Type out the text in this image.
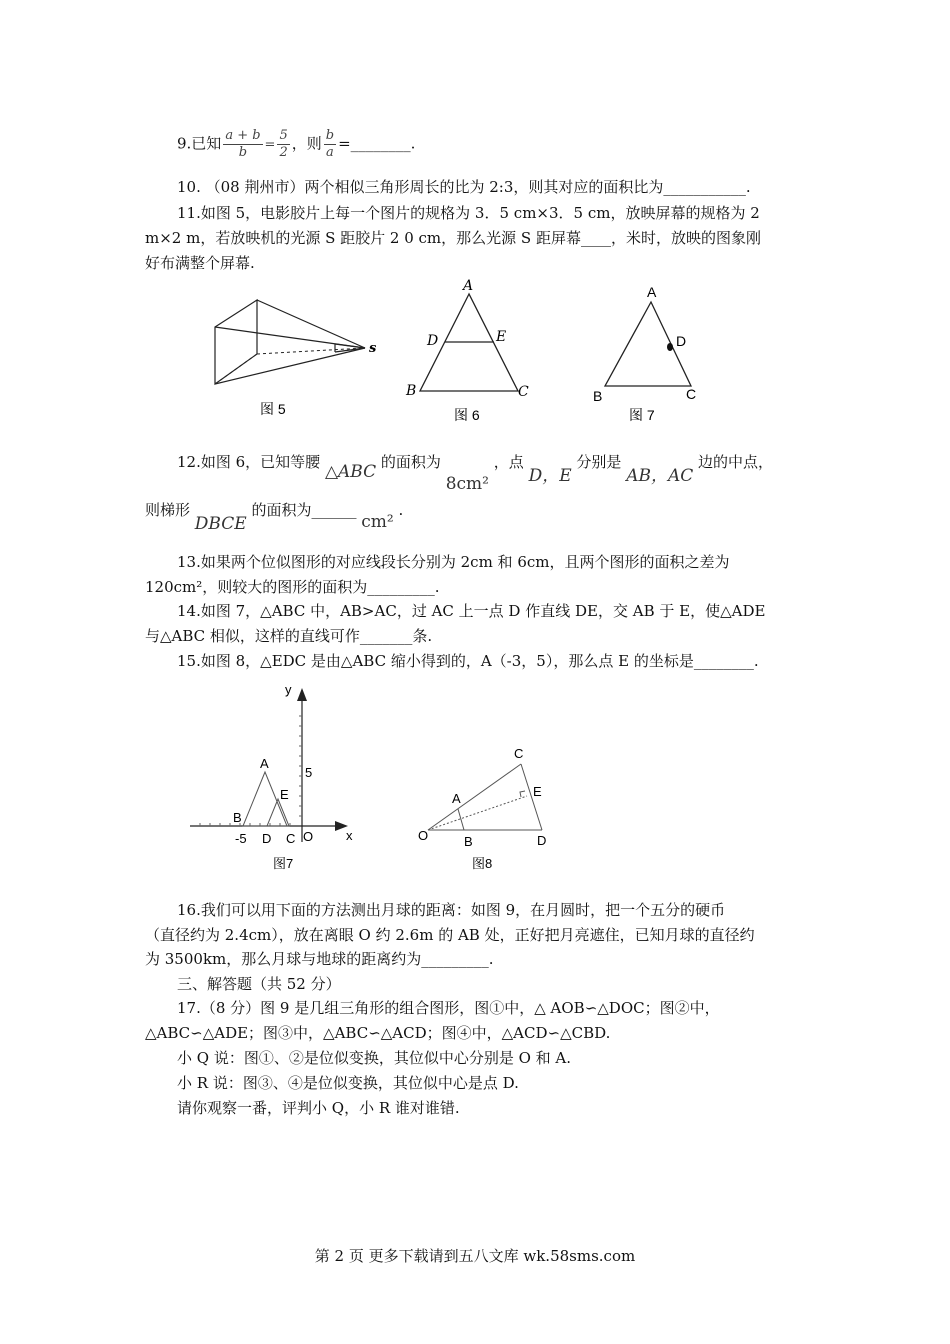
9.已知 $\frac{a + b}{b} = \frac{5}{2}$ ，则 $\frac{b}{a}$ =________.
10. （08 荆州市）两个相似三角形周长的比为 2:3，则其对应的面积比为___________.
11.如图 5，电影胶片上每一个图片的规格为 3．5 cm×3．5 cm，放映屏幕的规格为 2
m×2 m，若放映机的光源 S 距胶片 2 0 cm，那么光源 S 距屏幕____，米时，放映的图象刚
好布满整个屏幕.
s
图 5
A
D	E
B	C
图 6
A
D
B	C
图 7
12.如图 6，已知等腰 △ABC 的面积为 8cm² ，点 D，E 分别是 AB，AC 边的中点，
则梯形 DBCE 的面积为______ cm² .
13.如果两个位似图形的对应线段长分别为 2cm 和 6cm，且两个图形的面积之差为
120cm²，则较大的图形的面积为_________.
14.如图 7，△ABC 中，AB>AC，过 AC 上一点 D 作直线 DE，交 AB 于 E，使△ADE
与△ABC 相似，这样的直线可作_______条.
15.如图 8，△EDC 是由△ABC 缩小得到的，A（-3，5），那么点 E 的坐标是________.
y
x
5
-5
A
B
D
E
C O
图7
C
A	E
O	B	D
图8
16.我们可以用下面的方法测出月球的距离：如图 9，在月圆时，把一个五分的硬币
（直径约为 2.4cm），放在离眼 O 约 2.6m 的 AB 处，正好把月亮遮住，已知月球的直径约
为 3500km，那么月球与地球的距离约为_________.
三、解答题（共 52 分）
17.（8 分）图 9 是几组三角形的组合图形，图①中，△ AOB∽△DOC；图②中，
△ABC∽△ADE；图③中，△ABC∽△ACD；图④中，△ACD∽△CBD.
小 Q 说：图①、②是位似变换，其位似中心分别是 O 和 A.
小 R 说：图③、④是位似变换，其位似中心是点 D.
请你观察一番，评判小 Q，小 R 谁对谁错.
第 2 页 更多下载请到五八文库 wk.58sms.com
